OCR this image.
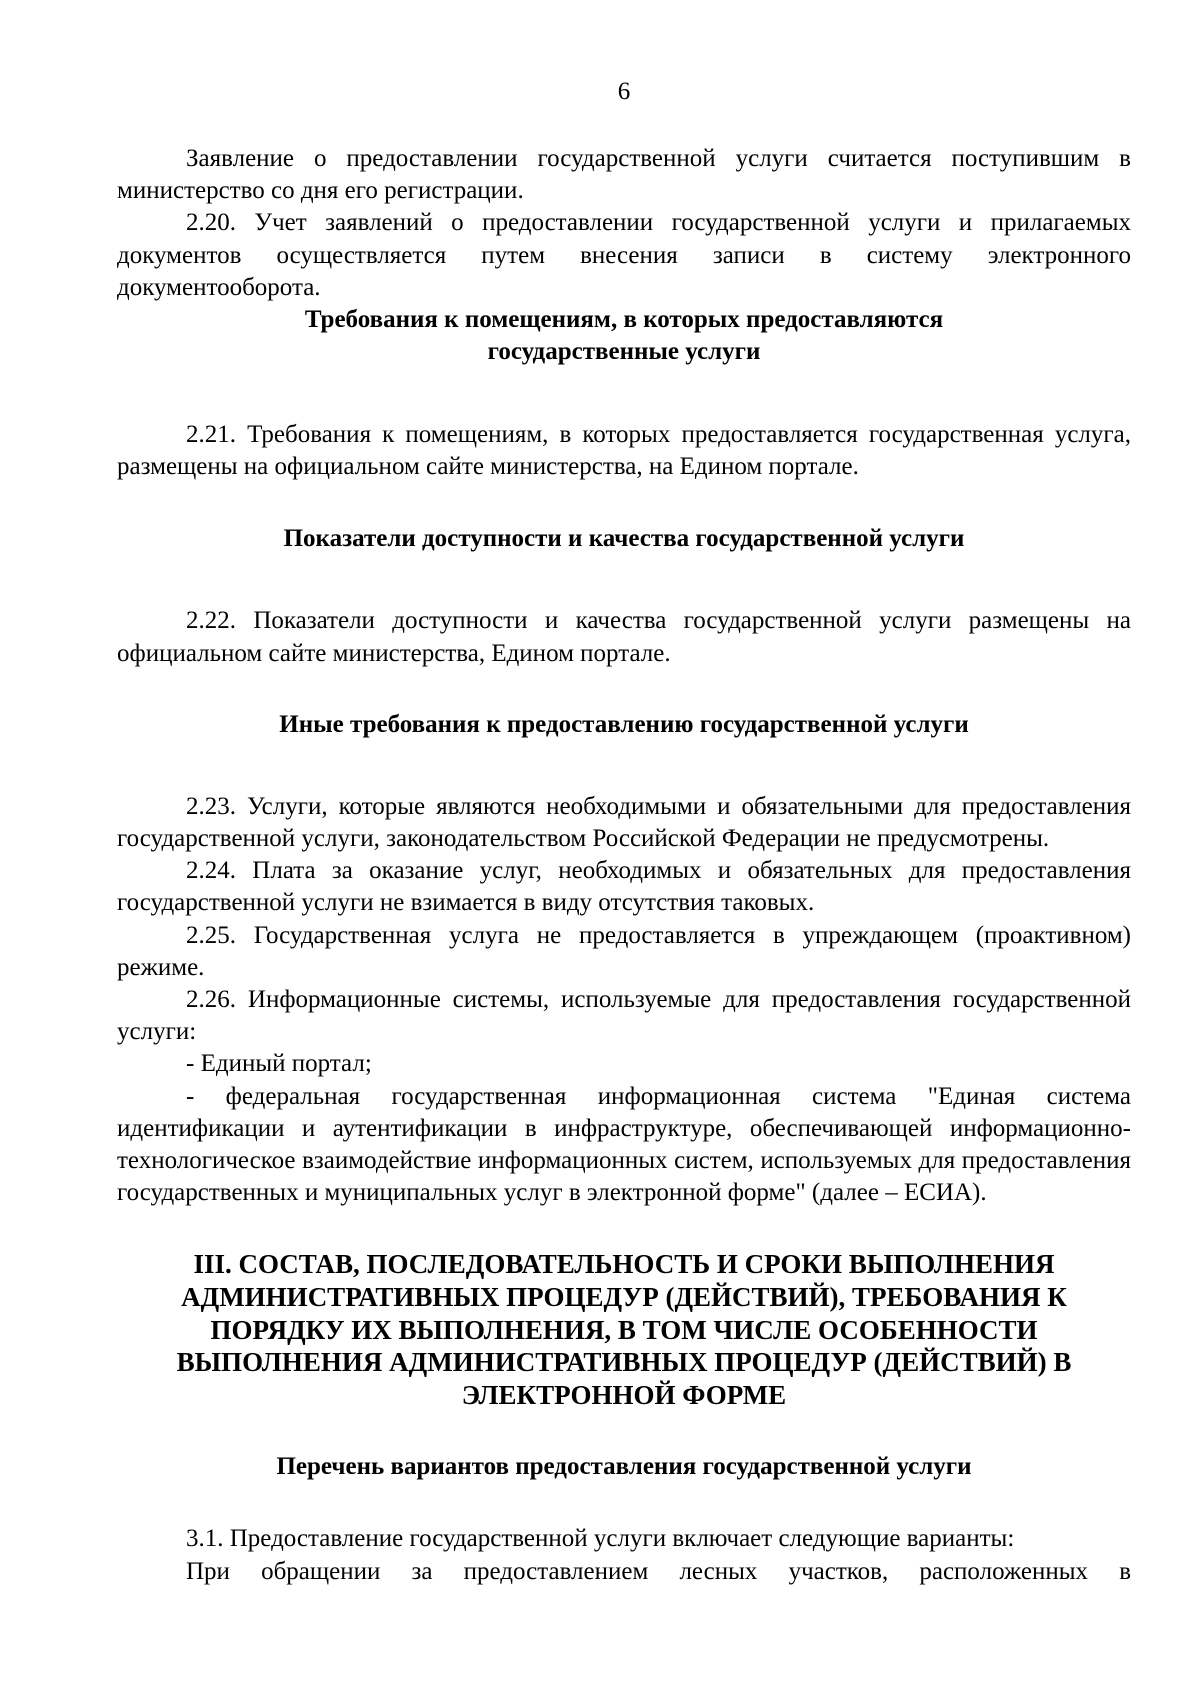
6

Заявление о предоставлении государственной услуги считается поступившим в министерство со дня его регистрации.

2.20. Учет заявлений о предоставлении государственной услуги и прилагаемых документов осуществляется путем внесения записи в систему электронного документооборота.

Требования к помещениям, в которых предоставляются
государственные услуги

2.21. Требования к помещениям, в которых предоставляется государственная услуга, размещены на официальном сайте министерства, на Едином портале.

Показатели доступности и качества государственной услуги

2.22. Показатели доступности и качества государственной услуги размещены на официальном сайте министерства, Едином портале.

Иные требования к предоставлению государственной услуги

2.23. Услуги, которые являются необходимыми и обязательными для предоставления государственной услуги, законодательством Российской Федерации не предусмотрены.

2.24. Плата за оказание услуг, необходимых и обязательных для предоставления государственной услуги не взимается в виду отсутствия таковых.

2.25. Государственная услуга не предоставляется в упреждающем (проактивном) режиме.

2.26. Информационные системы, используемые для предоставления государственной услуги:

- Единый портал;

- федеральная государственная информационная система "Единая система идентификации и аутентификации в инфраструктуре, обеспечивающей информационно-технологическое взаимодействие информационных систем, используемых для предоставления государственных и муниципальных услуг в электронной форме" (далее – ЕСИА).

III. СОСТАВ, ПОСЛЕДОВАТЕЛЬНОСТЬ И СРОКИ ВЫПОЛНЕНИЯ АДМИНИСТРАТИВНЫХ ПРОЦЕДУР (ДЕЙСТВИЙ), ТРЕБОВАНИЯ К ПОРЯДКУ ИХ ВЫПОЛНЕНИЯ, В ТОМ ЧИСЛЕ ОСОБЕННОСТИ ВЫПОЛНЕНИЯ АДМИНИСТРАТИВНЫХ ПРОЦЕДУР (ДЕЙСТВИЙ) В ЭЛЕКТРОННОЙ ФОРМЕ
Перечень вариантов предоставления государственной услуги

3.1. Предоставление государственной услуги включает следующие варианты:

При обращении за предоставлением лесных участков, расположенных в
